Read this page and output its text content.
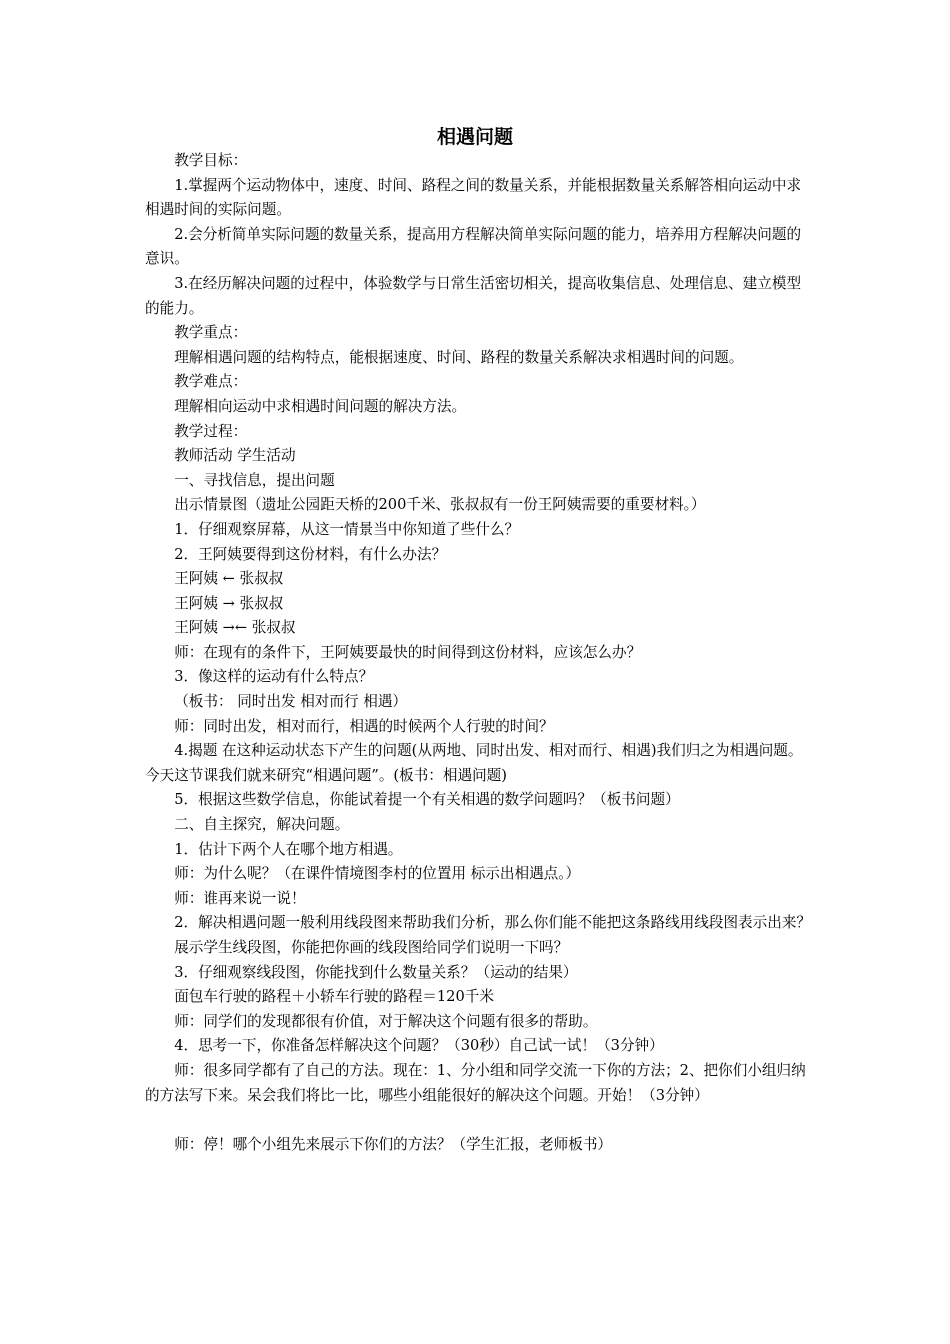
相遇问题

教学目标：

1.掌握两个运动物体中，速度、时间、路程之间的数量关系，并能根据数量关系解答相向运动中求相遇时间的实际问题。

2.会分析简单实际问题的数量关系，提高用方程解决简单实际问题的能力，培养用方程解决问题的意识。

3.在经历解决问题的过程中，体验数学与日常生活密切相关，提高收集信息、处理信息、建立模型的能力。

教学重点：

理解相遇问题的结构特点，能根据速度、时间、路程的数量关系解决求相遇时间的问题。

教学难点：

理解相向运动中求相遇时间问题的解决方法。

教学过程：

教师活动 学生活动

一、寻找信息，提出问题

出示情景图（遗址公园距天桥的200千米、张叔叔有一份王阿姨需要的重要材料。）

1．仔细观察屏幕，从这一情景当中你知道了些什么？

2．王阿姨要得到这份材料，有什么办法？

王阿姨 ← 张叔叔

王阿姨 → 张叔叔

王阿姨 →← 张叔叔

师：在现有的条件下，王阿姨要最快的时间得到这份材料，应该怎么办？

3．像这样的运动有什么特点？

（板书： 同时出发 相对而行 相遇）

师：同时出发，相对而行，相遇的时候两个人行驶的时间？

4.揭题 在这种运动状态下产生的问题(从两地、同时出发、相对而行、相遇)我们归之为相遇问题。今天这节课我们就来研究“相遇问题”。(板书：相遇问题)

5．根据这些数学信息，你能试着提一个有关相遇的数学问题吗？（板书问题）

二、自主探究，解决问题。

1．估计下两个人在哪个地方相遇。

师：为什么呢？（在课件情境图李村的位置用 标示出相遇点。）

师：谁再来说一说！

2．解决相遇问题一般利用线段图来帮助我们分析，那么你们能不能把这条路线用线段图表示出来？

展示学生线段图，你能把你画的线段图给同学们说明一下吗？

3．仔细观察线段图，你能找到什么数量关系？（运动的结果）

面包车行驶的路程＋小轿车行驶的路程＝120千米

师：同学们的发现都很有价值，对于解决这个问题有很多的帮助。

4．思考一下，你准备怎样解决这个问题？（30秒）自己试一试！（3分钟）

师：很多同学都有了自己的方法。现在：1、分小组和同学交流一下你的方法；2、把你们小组归纳的方法写下来。呆会我们将比一比，哪些小组能很好的解决这个问题。开始！（3分钟）

师：停！哪个小组先来展示下你们的方法？（学生汇报，老师板书）
